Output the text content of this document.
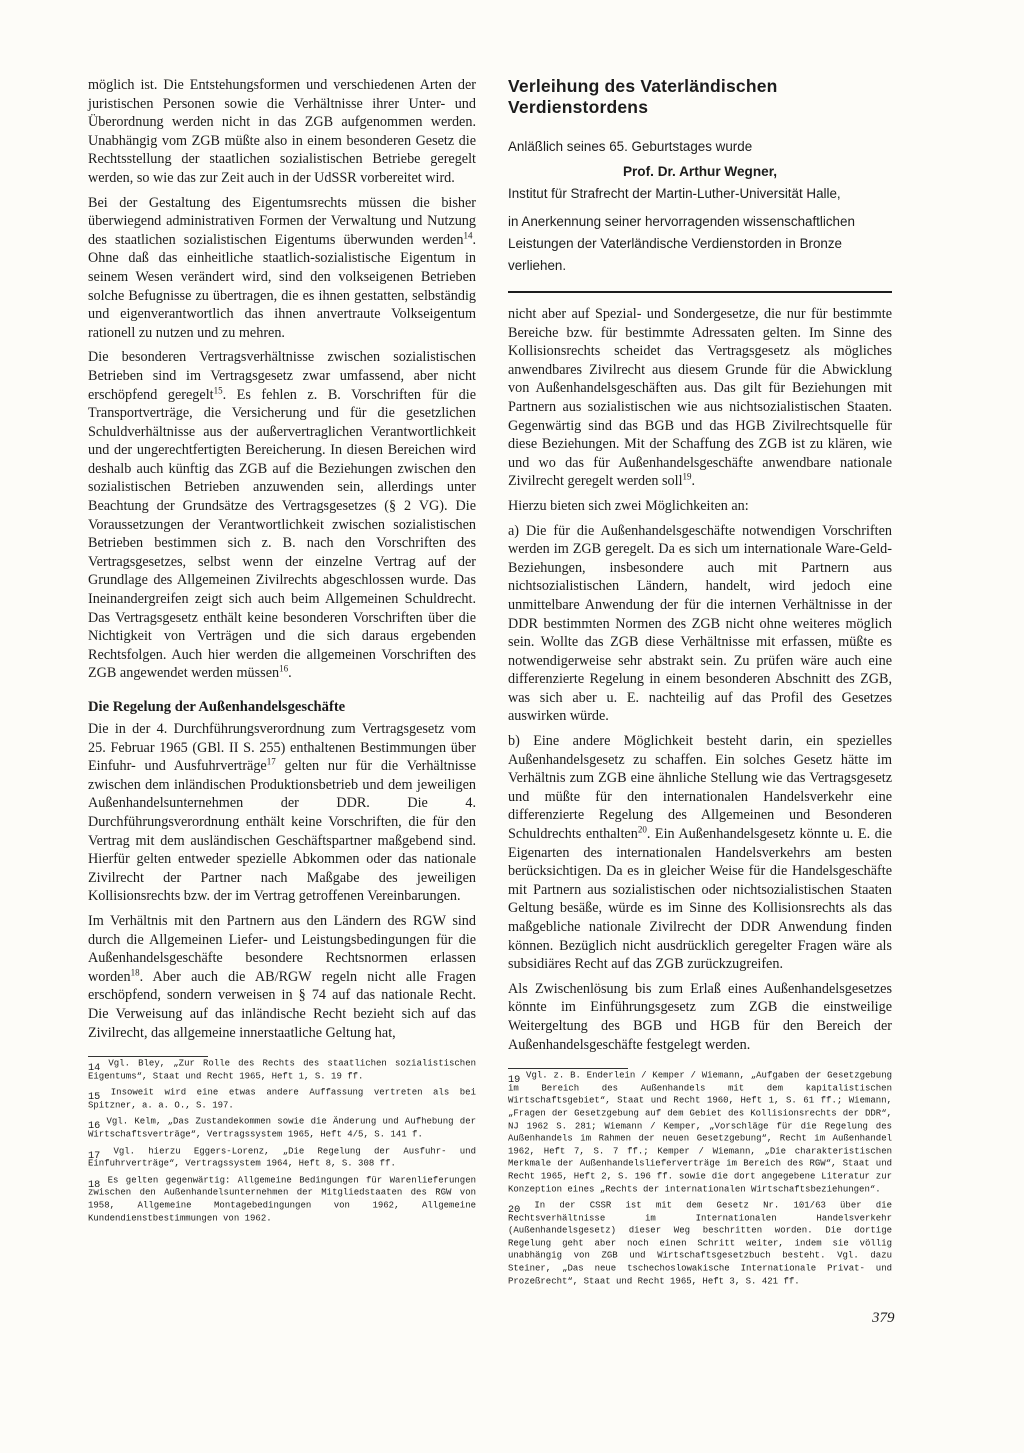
möglich ist. Die Entstehungsformen und verschiedenen Arten der juristischen Personen sowie die Verhältnisse ihrer Unter- und Überordnung werden nicht in das ZGB aufgenommen werden. Unabhängig vom ZGB müßte also in einem besonderen Gesetz die Rechtsstellung der staatlichen sozialistischen Betriebe geregelt werden, so wie das zur Zeit auch in der UdSSR vorbereitet wird.

Bei der Gestaltung des Eigentumsrechts müssen die bisher überwiegend administrativen Formen der Verwaltung und Nutzung des staatlichen sozialistischen Eigentums überwunden werden$^{14}$. Ohne daß das einheitliche staatlich-sozialistische Eigentum in seinem Wesen verändert wird, sind den volkseigenen Betrieben solche Befugnisse zu übertragen, die es ihnen gestatten, selbständig und eigenverantwortlich das ihnen anvertraute Volkseigentum rationell zu nutzen und zu mehren.

Die besonderen Vertragsverhältnisse zwischen sozialistischen Betrieben sind im Vertragsgesetz zwar umfassend, aber nicht erschöpfend geregelt$^{15}$. Es fehlen z. B. Vorschriften für die Transportverträge, die Versicherung und für die gesetzlichen Schuldverhältnisse aus der außervertraglichen Verantwortlichkeit und der ungerechtfertigten Bereicherung. In diesen Bereichen wird deshalb auch künftig das ZGB auf die Beziehungen zwischen den sozialistischen Betrieben anzuwenden sein, allerdings unter Beachtung der Grundsätze des Vertragsgesetzes (§ 2 VG). Die Voraussetzungen der Verantwortlichkeit zwischen sozialistischen Betrieben bestimmen sich z. B. nach den Vorschriften des Vertragsgesetzes, selbst wenn der einzelne Vertrag auf der Grundlage des Allgemeinen Zivilrechts abgeschlossen wurde. Das Ineinandergreifen zeigt sich auch beim Allgemeinen Schuldrecht. Das Vertragsgesetz enthält keine besonderen Vorschriften über die Nichtigkeit von Verträgen und die sich daraus ergebenden Rechtsfolgen. Auch hier werden die allgemeinen Vorschriften des ZGB angewendet werden müssen$^{16}$.

Die Regelung der Außenhandelsgeschäfte

Die in der 4. Durchführungsverordnung zum Vertragsgesetz vom 25. Februar 1965 (GBl. II S. 255) enthaltenen Bestimmungen über Einfuhr- und Ausfuhrverträge$^{17}$ gelten nur für die Verhältnisse zwischen dem inländischen Produktionsbetrieb und dem jeweiligen Außenhandelsunternehmen der DDR. Die 4. Durchführungsverordnung enthält keine Vorschriften, die für den Vertrag mit dem ausländischen Geschäftspartner maßgebend sind. Hierfür gelten entweder spezielle Abkommen oder das nationale Zivilrecht der Partner nach Maßgabe des jeweiligen Kollisionsrechts bzw. der im Vertrag getroffenen Vereinbarungen.

Im Verhältnis mit den Partnern aus den Ländern des RGW sind durch die Allgemeinen Liefer- und Leistungsbedingungen für die Außenhandelsgeschäfte besondere Rechtsnormen erlassen worden$^{18}$. Aber auch die AB/RGW regeln nicht alle Fragen erschöpfend, sondern verweisen in § 74 auf das nationale Recht. Die Verweisung auf das inländische Recht bezieht sich auf das Zivilrecht, das allgemeine innerstaatliche Geltung hat,

14 $^{Vgl. Bley, „Zur Rolle des Rechts des staatlichen sozialistischen Eigentums“, Staat und Recht 1965, Heft 1, S. 19 ff.}$

15 $^{Insoweit wird eine etwas andere Auffassung vertreten als bei Spitzner, a. a. O., S. 197.}$

16 $^{Vgl. Kelm, „Das Zustandekommen sowie die Änderung und Aufhebung der Wirtschaftsverträge“, Vertragssystem 1965, Heft 4/5, S. 141 f.}$

17 $^{Vgl. hierzu Eggers-Lorenz, „Die Regelung der Ausfuhr- und Einfuhrverträge“, Vertragssystem 1964, Heft 8, S. 308 ff.}$

18 $^{Es gelten gegenwärtig: Allgemeine Bedingungen für Warenlieferungen zwischen den Außenhandelsunternehmen der Mitgliedstaaten des RGW von 1958, Allgemeine Montagebedingungen von 1962, Allgemeine Kundendienstbestimmungen von 1962.}$

Verleihung des Vaterländischen Verdienstordens
Anläßlich seines 65. Geburtstages wurde
Prof. Dr. Arthur Wegner,
Institut für Strafrecht der Martin-Luther-Universität Halle,
in Anerkennung seiner hervorragenden wissenschaftlichen Leistungen der Vaterländische Verdienstorden in Bronze verliehen.

nicht aber auf Spezial- und Sondergesetze, die nur für bestimmte Bereiche bzw. für bestimmte Adressaten gelten. Im Sinne des Kollisionsrechts scheidet das Vertragsgesetz als mögliches anwendbares Zivilrecht aus diesem Grunde für die Abwicklung von Außenhandelsgeschäften aus. Das gilt für Beziehungen mit Partnern aus sozialistischen wie aus nichtsozialistischen Staaten. Gegenwärtig sind das BGB und das HGB Zivilrechtsquelle für diese Beziehungen. Mit der Schaffung des ZGB ist zu klären, wie und wo das für Außenhandelsgeschäfte anwendbare nationale Zivilrecht geregelt werden soll$^{19}$.

Hierzu bieten sich zwei Möglichkeiten an:

a) Die für die Außenhandelsgeschäfte notwendigen Vorschriften werden im ZGB geregelt. Da es sich um internationale Ware-Geld-Beziehungen, insbesondere auch mit Partnern aus nichtsozialistischen Ländern, handelt, wird jedoch eine unmittelbare Anwendung der für die internen Verhältnisse in der DDR bestimmten Normen des ZGB nicht ohne weiteres möglich sein. Wollte das ZGB diese Verhältnisse mit erfassen, müßte es notwendigerweise sehr abstrakt sein. Zu prüfen wäre auch eine differenzierte Regelung in einem besonderen Abschnitt des ZGB, was sich aber u. E. nachteilig auf das Profil des Gesetzes auswirken würde.

b) Eine andere Möglichkeit besteht darin, ein spezielles Außenhandelsgesetz zu schaffen. Ein solches Gesetz hätte im Verhältnis zum ZGB eine ähnliche Stellung wie das Vertragsgesetz und müßte für den internationalen Handelsverkehr eine differenzierte Regelung des Allgemeinen und Besonderen Schuldrechts enthalten$^{20}$. Ein Außenhandelsgesetz könnte u. E. die Eigenarten des internationalen Handelsverkehrs am besten berücksichtigen. Da es in gleicher Weise für die Handelsgeschäfte mit Partnern aus sozialistischen oder nichtsozialistischen Staaten Geltung besäße, würde es im Sinne des Kollisionsrechts als das maßgebliche nationale Zivilrecht der DDR Anwendung finden können. Bezüglich nicht ausdrücklich geregelter Fragen wäre als subsidiäres Recht auf das ZGB zurückzugreifen.

Als Zwischenlösung bis zum Erlaß eines Außenhandelsgesetzes könnte im Einführungsgesetz zum ZGB die einstweilige Weitergeltung des BGB und HGB für den Bereich der Außenhandelsgeschäfte festgelegt werden.

19 Vgl. z. B. Enderlein / Kemper / Wiemann, „Aufgaben der Gesetzgebung im Bereich des Außenhandels mit dem kapitalistischen Wirtschaftsgebiet“, Staat und Recht 1960, Heft 1, S. 61 ff.; Wiemann, „Fragen der Gesetzgebung auf dem Gebiet des Kollisionsrechts der DDR“, NJ 1962 S. 281; Wiemann / Kemper, „Vorschläge für die Regelung des Außenhandels im Rahmen der neuen Gesetzgebung“, Recht im Außenhandel 1962, Heft 7, S. 7 ff.; Kemper / Wiemann, „Die charakteristischen Merkmale der Außenhandelslieferverträge im Bereich des RGW“, Staat und Recht 1965, Heft 2, S. 196 ff. sowie die dort angegebene Literatur zur Konzeption eines „Rechts der internationalen Wirtschaftsbeziehungen“.

20 In der CSSR ist mit dem Gesetz Nr. 101/63 über die Rechtsverhältnisse im Internationalen Handelsverkehr (Außenhandelsgesetz) dieser Weg beschritten worden. Die dortige Regelung geht aber noch einen Schritt weiter, indem sie völlig unabhängig von ZGB und Wirtschaftsgesetzbuch besteht. Vgl. dazu Steiner, „Das neue tschechoslowakische Internationale Privat- und Prozeßrecht“, Staat und Recht 1965, Heft 3, S. 421 ff.

379
